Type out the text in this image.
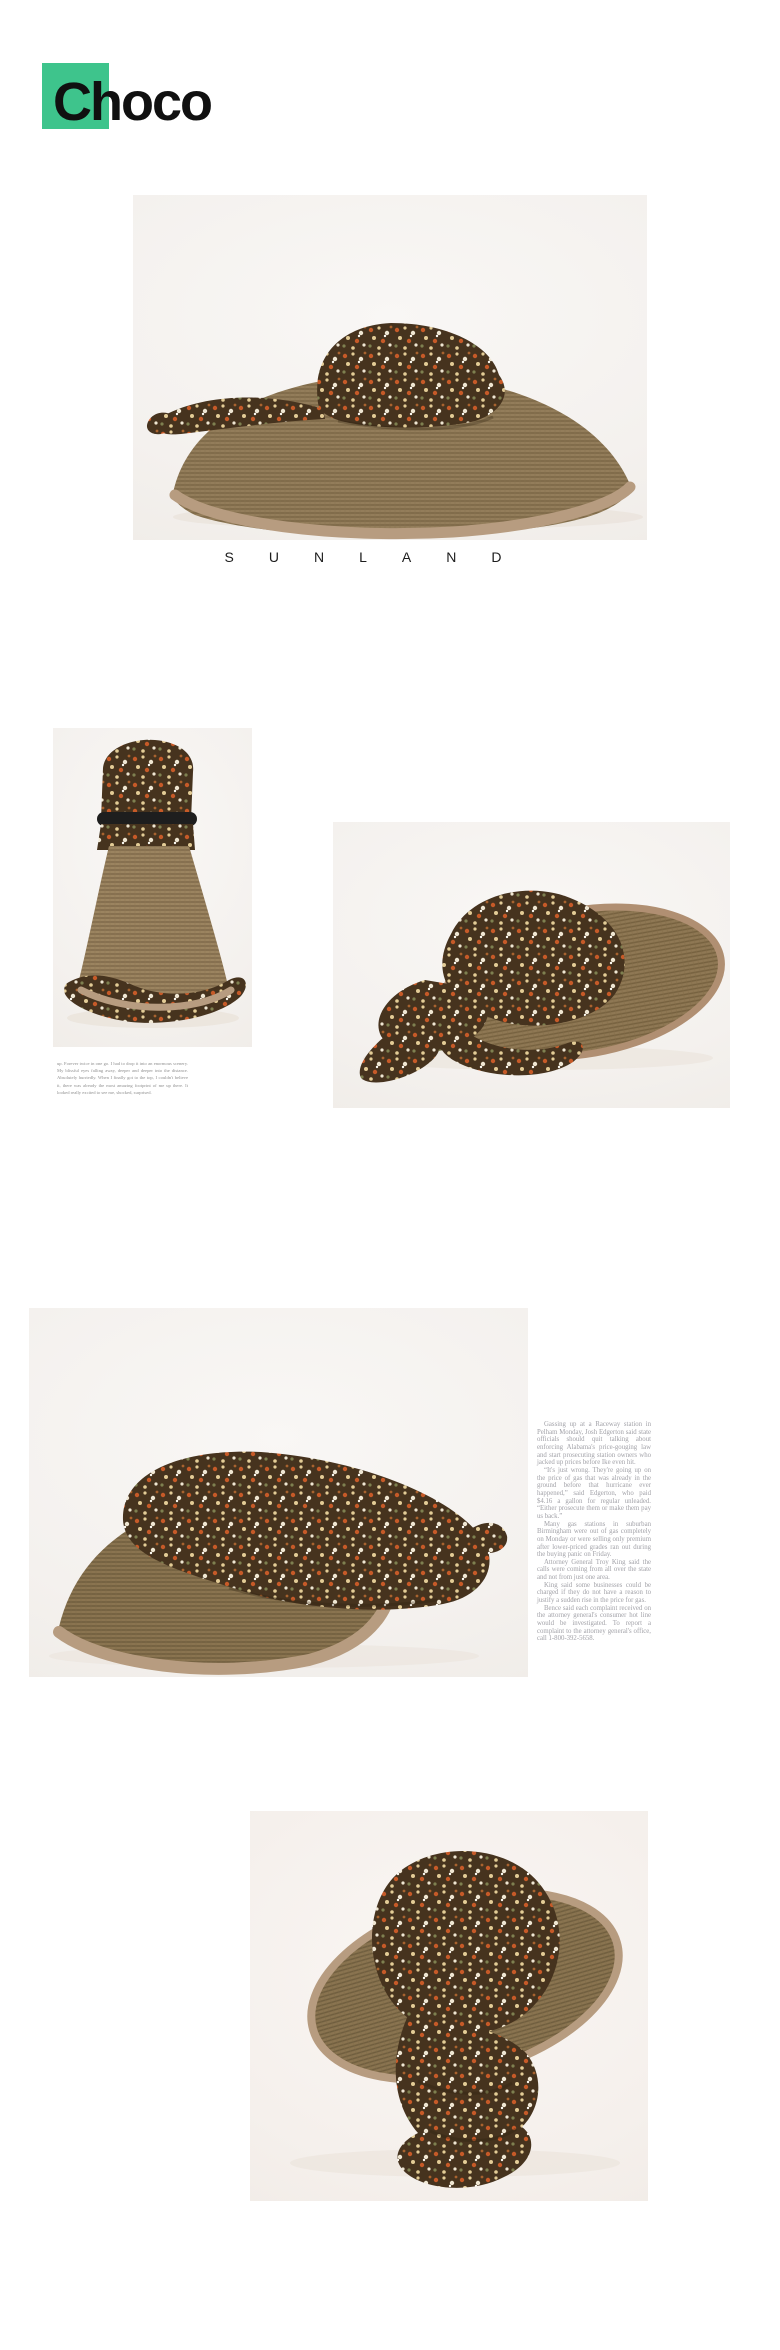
Choco
SUNLAND
up. Forever twice in one go. I had to drop it into an enormous scenery. My blissful eyes falling away, deeper and deeper into the distance. Absolutely hurriedly. When I finally got to the top, I couldn't believe it, there was already the most amazing footprint of me up there. It looked really excited to see me, shocked, surprised.

Gassing up at a Raceway station in Pelham Monday, Josh Edgerton said state officials should quit talking about enforcing Alabama's price-gouging law and start prosecuting station owners who jacked up prices before Ike even hit.

“It's just wrong. They're going up on the price of gas that was already in the ground before that hurricane ever happened,” said Edgerton, who paid $4.16 a gallon for regular unleaded. “Either prosecute them or make them pay us back.”

Many gas stations in suburban Birmingham were out of gas completely on Monday or were selling only premium after lower-priced grades ran out during the buying panic on Friday.

Attorney General Troy King said the calls were coming from all over the state and not from just one area.

King said some businesses could be charged if they do not have a reason to justify a sudden rise in the price for gas.

Bence said each complaint received on the attorney general's consumer hot line would be investigated. To report a complaint to the attorney general's office, call 1-800-392-5658.
